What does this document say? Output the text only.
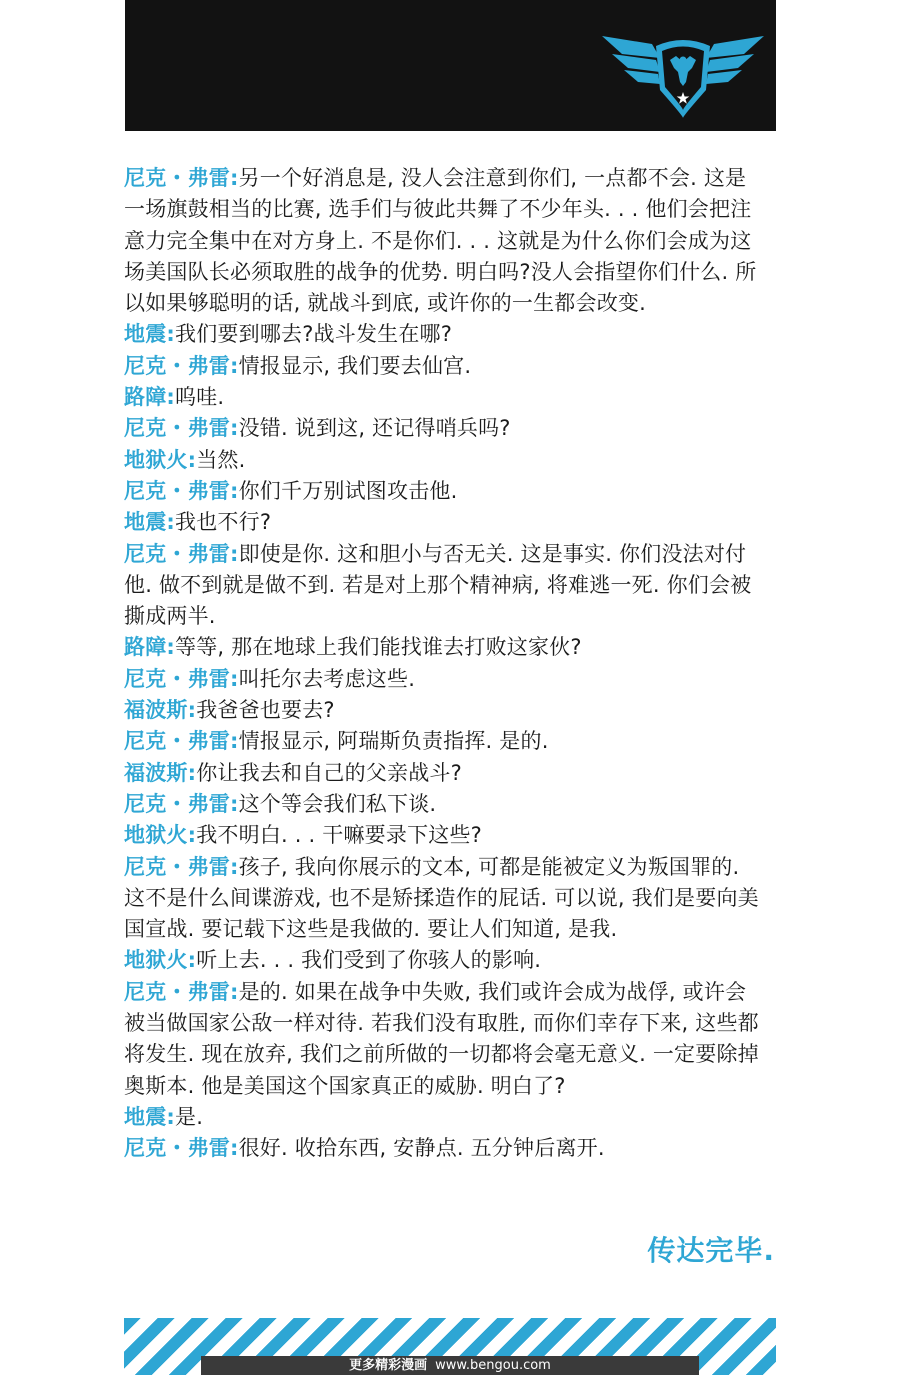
尼克・弗雷:另一个好消息是, 没人会注意到你们, 一点都不会. 这是一场旗鼓相当的比赛, 选手们与彼此共舞了不少年头. . . 他们会把注意力完全集中在对方身上. 不是你们. . . 这就是为什么你们会成为这场美国队长必须取胜的战争的优势. 明白吗?没人会指望你们什么. 所以如果够聪明的话, 就战斗到底, 或许你的一生都会改变.

地震:我们要到哪去?战斗发生在哪?

尼克・弗雷:情报显示, 我们要去仙宫.

路障:呜哇.

尼克・弗雷:没错. 说到这, 还记得哨兵吗?

地狱火:当然.

尼克・弗雷:你们千万别试图攻击他.

地震:我也不行?

尼克・弗雷:即使是你. 这和胆小与否无关. 这是事实. 你们没法对付他. 做不到就是做不到. 若是对上那个精神病, 将难逃一死. 你们会被撕成两半.

路障:等等, 那在地球上我们能找谁去打败这家伙?

尼克・弗雷:叫托尔去考虑这些.

福波斯:我爸爸也要去?

尼克・弗雷:情报显示, 阿瑞斯负责指挥. 是的.

福波斯:你让我去和自己的父亲战斗?

尼克・弗雷:这个等会我们私下谈.

地狱火:我不明白. . . 干嘛要录下这些?

尼克・弗雷:孩子, 我向你展示的文本, 可都是能被定义为叛国罪的. 这不是什么间谍游戏, 也不是矫揉造作的屁话. 可以说, 我们是要向美国宣战. 要记载下这些是我做的. 要让人们知道, 是我.

地狱火:听上去. . . 我们受到了你骇人的影响.

尼克・弗雷:是的. 如果在战争中失败, 我们或许会成为战俘, 或许会被当做国家公敌一样对待. 若我们没有取胜, 而你们幸存下来, 这些都将发生. 现在放弃, 我们之前所做的一切都将会毫无意义. 一定要除掉奥斯本. 他是美国这个国家真正的威胁. 明白了?

地震:是.

尼克・弗雷:很好. 收拾东西, 安静点. 五分钟后离开.

传达完毕.
更多精彩漫画 www.bengou.com
